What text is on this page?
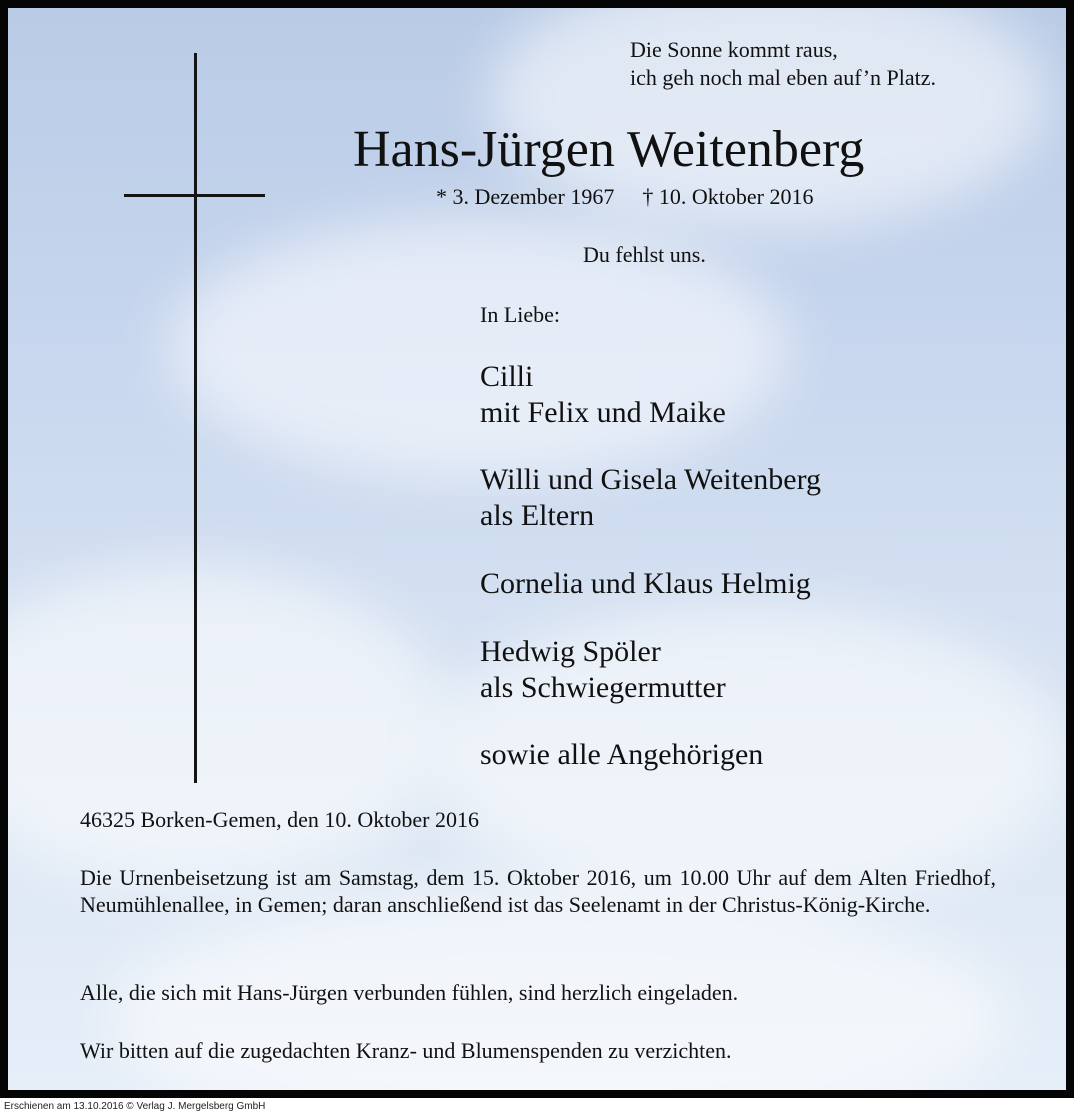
Die Sonne kommt raus,
ich geh noch mal eben auf’n Platz.
Hans-Jürgen Weitenberg
* 3. Dezember 1967 † 10. Oktober 2016
Du fehlst uns.
In Liebe:
Cilli
mit Felix und Maike
Willi und Gisela Weitenberg
als Eltern
Cornelia und Klaus Helmig
Hedwig Spöler
als Schwiegermutter
sowie alle Angehörigen
46325 Borken-Gemen, den 10. Oktober 2016
Die Urnenbeisetzung ist am Samstag, dem 15. Oktober 2016, um 10.00 Uhr auf dem Alten Friedhof, Neumühlenallee, in Gemen; daran anschließend ist das Seelenamt in der Christus-König-Kirche.
Alle, die sich mit Hans-Jürgen verbunden fühlen, sind herzlich eingeladen.
Wir bitten auf die zugedachten Kranz- und Blumenspenden zu verzichten.
Erschienen am 13.10.2016 © Verlag J. Mergelsberg GmbH
